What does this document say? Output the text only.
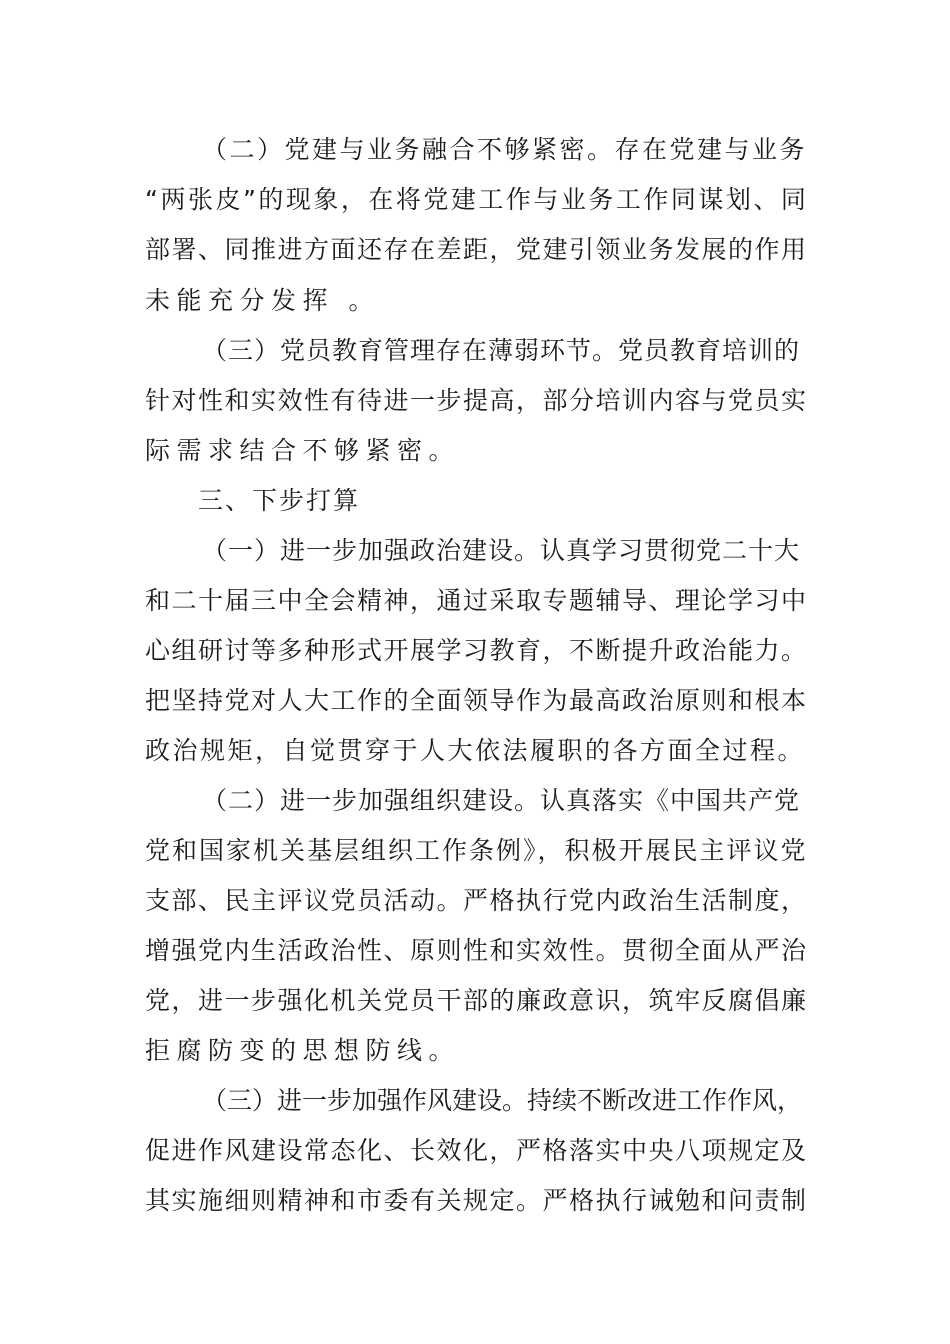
（二）党建与业务融合不够紧密。存在党建与业务
“两张皮”的现象，在将党建工作与业务工作同谋划、同
部署、同推进方面还存在差距，党建引领业务发展的作用
未能充分发挥 。
（三）党员教育管理存在薄弱环节。党员教育培训的
针对性和实效性有待进一步提高，部分培训内容与党员实
际需求结合不够紧密。
三、下步打算
（一）进一步加强政治建设。认真学习贯彻党二十大
和二十届三中全会精神，通过采取专题辅导、理论学习中
心组研讨等多种形式开展学习教育，不断提升政治能力。
把坚持党对人大工作的全面领导作为最高政治原则和根本
政治规矩，自觉贯穿于人大依法履职的各方面全过程。
（二）进一步加强组织建设。认真落实《中国共产党
党和国家机关基层组织工作条例》，积极开展民主评议党
支部、民主评议党员活动。严格执行党内政治生活制度，
增强党内生活政治性、原则性和实效性。贯彻全面从严治
党，进一步强化机关党员干部的廉政意识，筑牢反腐倡廉
拒腐防变的思想防线。
（三）进一步加强作风建设。持续不断改进工作作风，
促进作风建设常态化、长效化，严格落实中央八项规定及
其实施细则精神和市委有关规定。严格执行诫勉和问责制
